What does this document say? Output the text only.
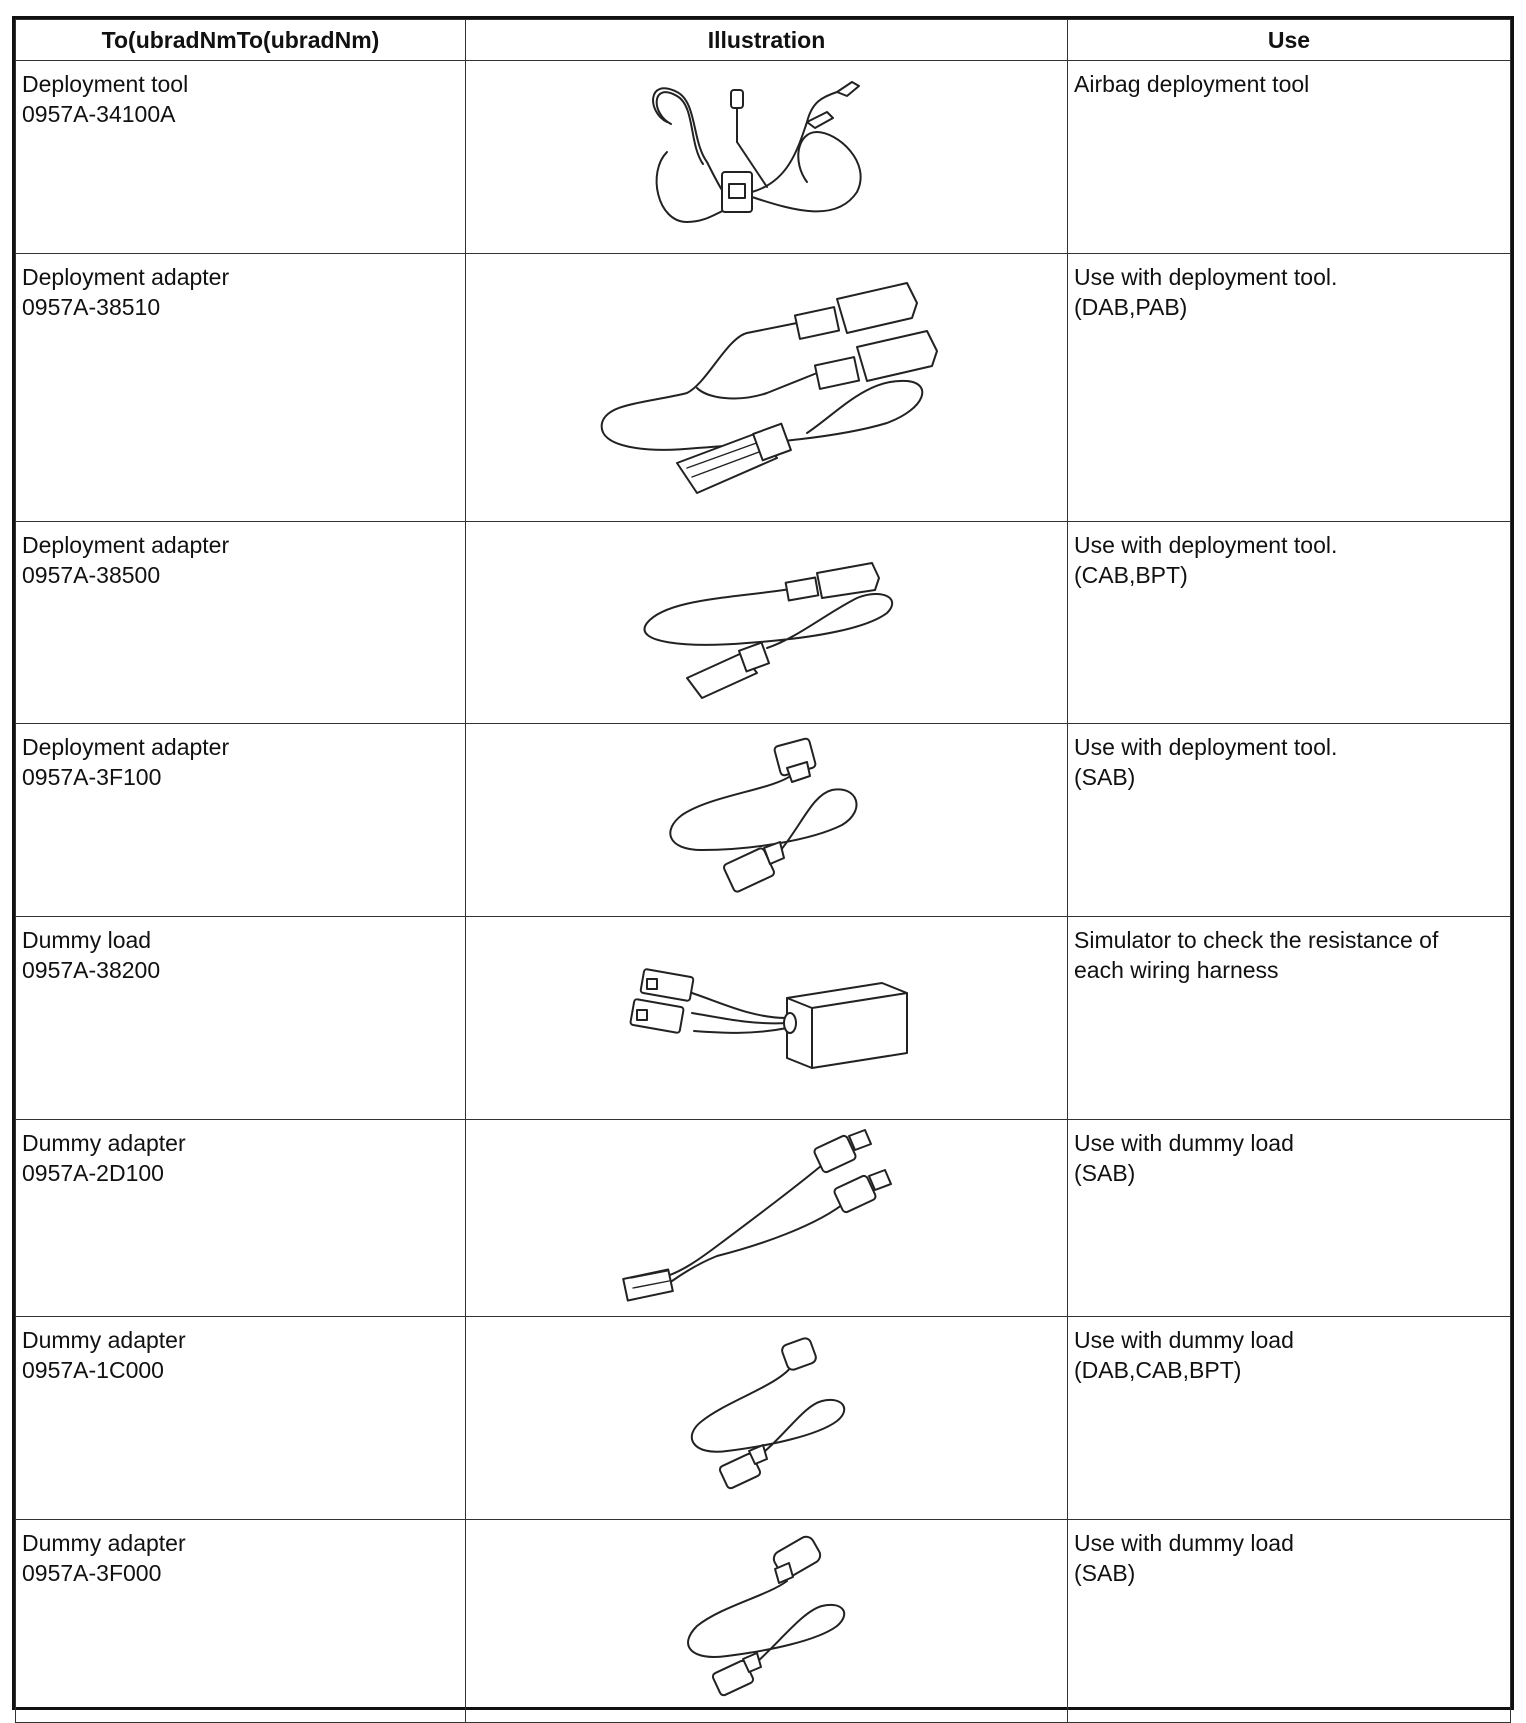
To(ubradNmTo(ubradNm)	Illustration	Use

Deployment tool
0957A-34100A		Airbag deployment tool

Deployment adapter
0957A-38510		Use with deployment tool.
(DAB,PAB)

Deployment adapter
0957A-38500		Use with deployment tool.
(CAB,BPT)

Deployment adapter
0957A-3F100		Use with deployment tool.
(SAB)

Dummy load
0957A-38200		Simulator to check the resistance of
each wiring harness

Dummy adapter
0957A-2D100		Use with dummy load
(SAB)

Dummy adapter
0957A-1C000		Use with dummy load
(DAB,CAB,BPT)

Dummy adapter
0957A-3F000		Use with dummy load
(SAB)
